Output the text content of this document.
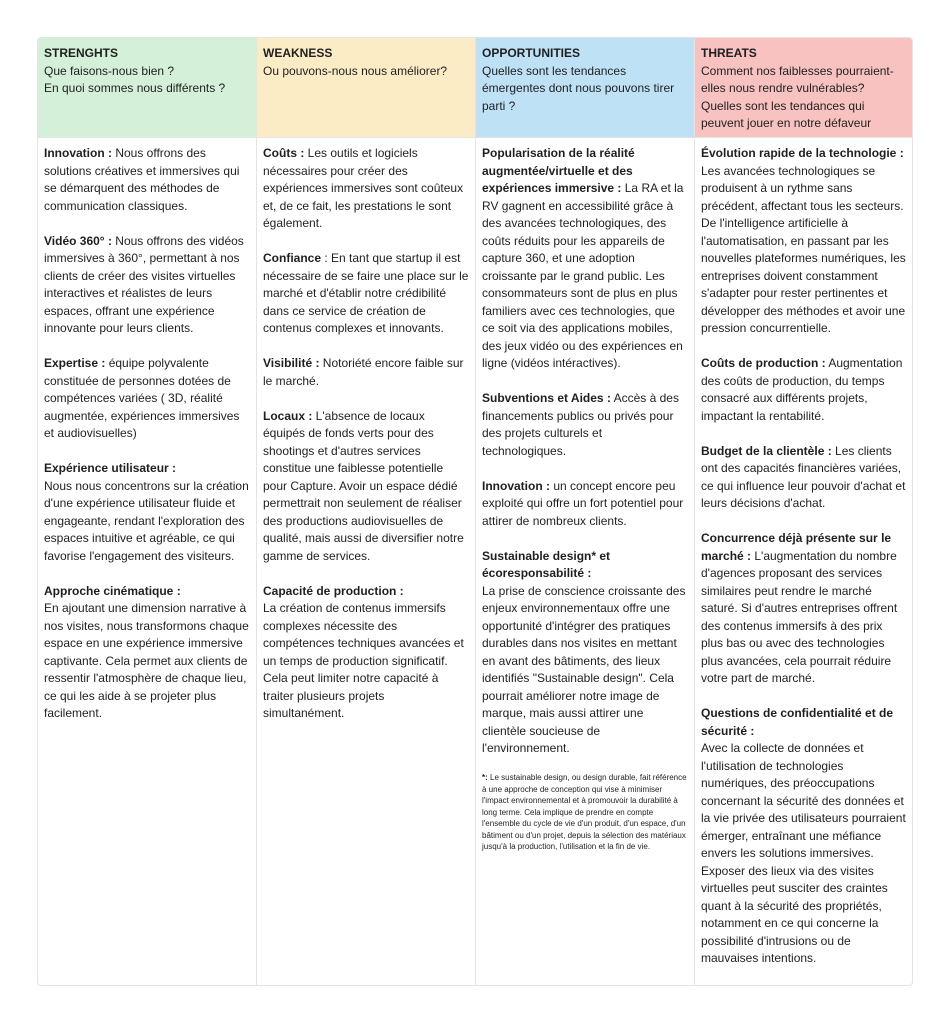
STRENGHTS
Que faisons-nous bien ?
En quoi sommes nous différents ?
Innovation : Nous offrons des solutions créatives et immersives qui se démarquent des méthodes de communication classiques.
Vidéo 360° : Nous offrons des vidéos immersives à 360°, permettant à nos clients de créer des visites virtuelles interactives et réalistes de leurs espaces, offrant une expérience innovante pour leurs clients.
Expertise : équipe polyvalente constituée de personnes dotées de compétences variées ( 3D, réalité augmentée, expériences immersives et audiovisuelles)
Expérience utilisateur :
Nous nous concentrons sur la création d'une expérience utilisateur fluide et engageante, rendant l'exploration des espaces intuitive et agréable, ce qui favorise l'engagement des visiteurs.
Approche cinématique :
En ajoutant une dimension narrative à nos visites, nous transformons chaque espace en une expérience immersive captivante. Cela permet aux clients de ressentir l'atmosphère de chaque lieu, ce qui les aide à se projeter plus facilement.
WEAKNESS
Ou pouvons-nous nous améliorer?
Coûts : Les outils et logiciels nécessaires pour créer des expériences immersives sont coûteux et, de ce fait, les prestations le sont également.
Confiance : En tant que startup il est nécessaire de se faire une place sur le marché et d'établir notre crédibilité dans ce service de création de contenus complexes et innovants.
Visibilité : Notoriété encore faible sur le marché.
Locaux : L'absence de locaux équipés de fonds verts pour des shootings et d'autres services constitue une faiblesse potentielle pour Capture. Avoir un espace dédié permettrait non seulement de réaliser des productions audiovisuelles de qualité, mais aussi de diversifier notre gamme de services.
Capacité de production :
La création de contenus immersifs complexes nécessite des compétences techniques avancées et un temps de production significatif. Cela peut limiter notre capacité à traiter plusieurs projets simultanément.
OPPORTUNITIES
Quelles sont les tendances émergentes dont nous pouvons tirer parti ?
Popularisation de la réalité augmentée/virtuelle et des expériences immersive : La RA et la RV gagnent en accessibilité grâce à des avancées technologiques, des coûts réduits pour les appareils de capture 360, et une adoption croissante par le grand public. Les consommateurs sont de plus en plus familiers avec ces technologies, que ce soit via des applications mobiles, des jeux vidéo ou des expériences en ligne (vidéos intéractives).
Subventions et Aides : Accès à des financements publics ou privés pour des projets culturels et technologiques.
Innovation : un concept encore peu exploité qui offre un fort potentiel pour attirer de nombreux clients.
Sustainable design* et écoresponsabilité :
La prise de conscience croissante des enjeux environnementaux offre une opportunité d'intégrer des pratiques durables dans nos visites en mettant en avant des bâtiments, des lieux identifiés "Sustainable design". Cela pourrait améliorer notre image de marque, mais aussi attirer une clientèle soucieuse de l'environnement.
*: Le sustainable design, ou design durable, fait référence à une approche de conception qui vise à minimiser l'impact environnemental et à promouvoir la durabilité à long terme. Cela implique de prendre en compte l'ensemble du cycle de vie d'un produit, d'un espace, d'un bâtiment ou d'un projet, depuis la sélection des matériaux jusqu'à la production, l'utilisation et la fin de vie.
THREATS
Comment nos faiblesses pourraient-elles nous rendre vulnérables?
Quelles sont les tendances qui peuvent jouer en notre défaveur
Évolution rapide de la technologie :
Les avancées technologiques se produisent à un rythme sans précédent, affectant tous les secteurs. De l'intelligence artificielle à l'automatisation, en passant par les nouvelles plateformes numériques, les entreprises doivent constamment s'adapter pour rester pertinentes et développer des méthodes et avoir une pression concurrentielle.
Coûts de production : Augmentation des coûts de production, du temps consacré aux différents projets, impactant la rentabilité.
Budget de la clientèle : Les clients ont des capacités financières variées, ce qui influence leur pouvoir d'achat et leurs décisions d'achat.
Concurrence déjà présente sur le marché : L'augmentation du nombre d'agences proposant des services similaires peut rendre le marché saturé. Si d'autres entreprises offrent des contenus immersifs à des prix plus bas ou avec des technologies plus avancées, cela pourrait réduire votre part de marché.
Questions de confidentialité et de sécurité :
Avec la collecte de données et l'utilisation de technologies numériques, des préoccupations concernant la sécurité des données et la vie privée des utilisateurs pourraient émerger, entraînant une méfiance envers les solutions immersives. Exposer des lieux via des visites virtuelles peut susciter des craintes quant à la sécurité des propriétés, notamment en ce qui concerne la possibilité d'intrusions ou de mauvaises intentions.
